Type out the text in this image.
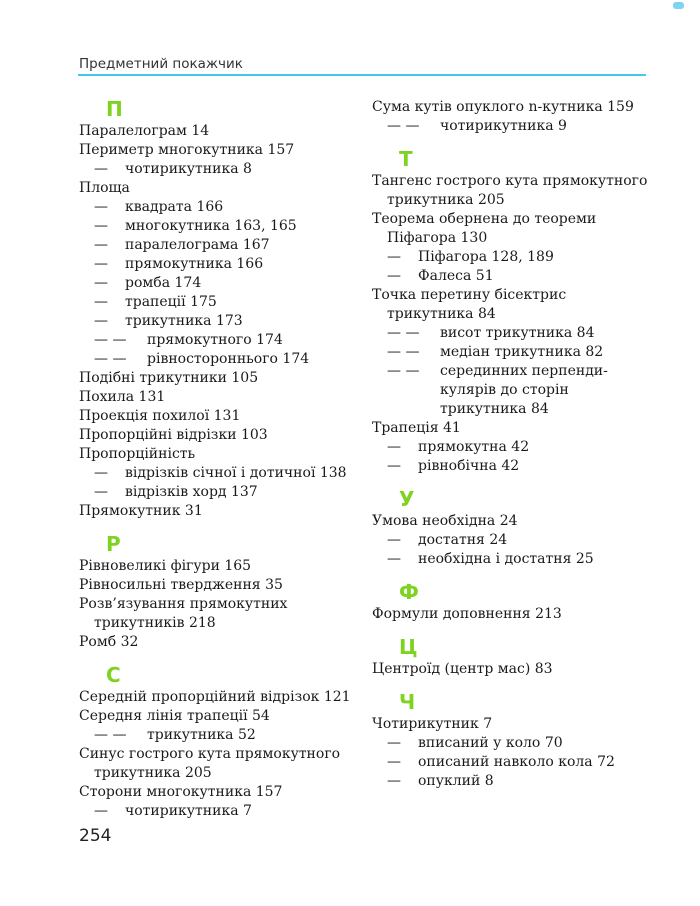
Предметний покажчик
П
Паралелограм 14
Периметр многокутника 157
— чотирикутника 8
Площа
— квадрата 166
— многокутника 163, 165
— паралелограма 167
— прямокутника 166
— ромба 174
— трапеції 175
— трикутника 173
— — прямокутного 174
— — рівностороннього 174
Подібні трикутники 105
Похила 131
Проекція похилої 131
Пропорційні відрізки 103
Пропорційність
— відрізків січної і дотичної 138
— відрізків хорд 137
Прямокутник 31
Р
Рівновеликі фігури 165
Рівносильні твердження 35
Розв’язування прямокутних
трикутників 218
Ромб 32
С
Середній пропорційний відрізок 121
Середня лінія трапеції 54
— — трикутника 52
Синус гострого кута прямокутного
трикутника 205
Сторони многокутника 157
— чотирикутника 7
Сума кутів опуклого n-кутника 159
— — чотирикутника 9
Т
Тангенс гострого кута прямокутного
трикутника 205
Теорема обернена до теореми
Піфагора 130
— Піфагора 128, 189
— Фалеса 51
Точка перетину бісектрис
трикутника 84
— — висот трикутника 84
— — медіан трикутника 82
— — серединних перпенди-
кулярів до сторін
трикутника 84
Трапеція 41
— прямокутна 42
— рівнобічна 42
У
Умова необхідна 24
— достатня 24
— необхідна і достатня 25
Ф
Формули доповнення 213
Ц
Центроїд (центр мас) 83
Ч
Чотирикутник 7
— вписаний у коло 70
— описаний навколо кола 72
— опуклий 8
254
